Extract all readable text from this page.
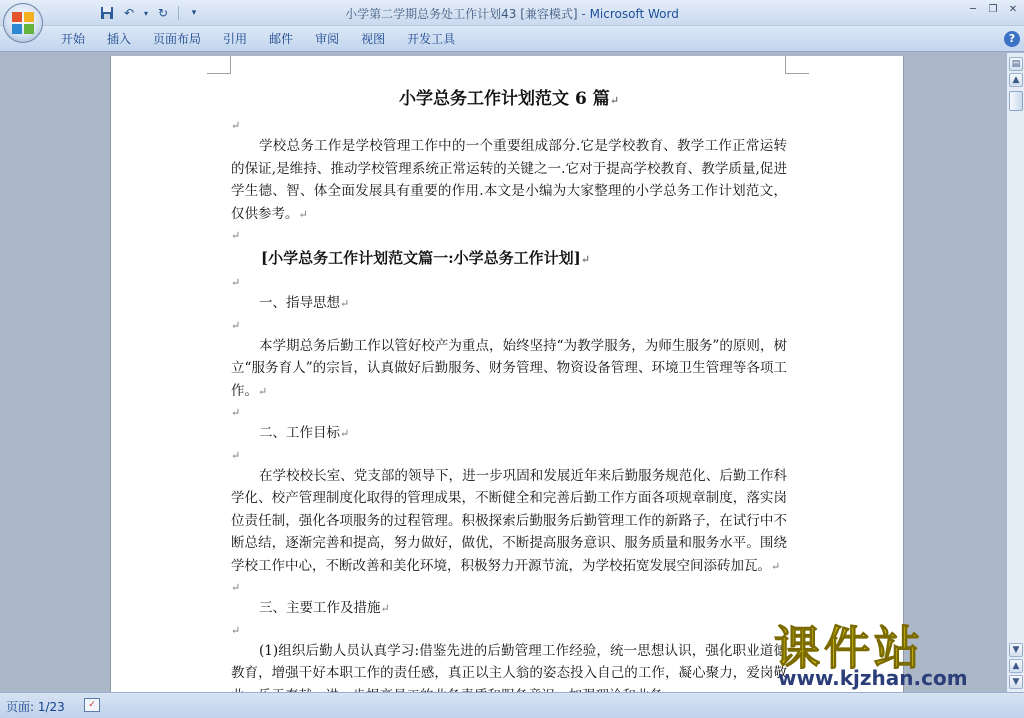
↶	▾ ↻	▾	小学第二学期总务处工作计划43 [兼容模式] - Microsoft Word	─	❐ ✕
开始	插入	页面布局	引用	邮件	审阅	视图	开发工具	?
小学总务工作计划范文 6 篇↵
↵
学校总务工作是学校管理工作中的一个重要组成部分.它是学校教育、教学工作正常运转的保证,是维持、推动学校管理系统正常运转的关键之一.它对于提高学校教育、教学质量,促进学生德、智、体全面发展具有重要的作用.本文是小编为大家整理的小学总务工作计划范文，仅供参考。↵
↵
[小学总务工作计划范文篇一:小学总务工作计划]↵
↵
一、指导思想↵
↵
本学期总务后勤工作以管好校产为重点，始终坚持“为教学服务，为师生服务”的原则，树立“服务育人”的宗旨，认真做好后勤服务、财务管理、物资设备管理、环境卫生管理等各项工作。↵
↵
二、工作目标↵
↵
在学校校长室、党支部的领导下，进一步巩固和发展近年来后勤服务规范化、后勤工作科学化、校产管理制度化取得的管理成果，不断健全和完善后勤工作方面各项规章制度，落实岗位责任制，强化各项服务的过程管理。积极探索后勤服务后勤管理工作的新路子，在试行中不断总结，逐渐完善和提高，努力做好，做优，不断提高服务意识、服务质量和服务水平。围绕学校工作中心，不断改善和美化环境，积极努力开源节流，为学校拓宽发展空间添砖加瓦。↵
↵
三、主要工作及措施↵
↵
(1)组织后勤人员认真学习:借鉴先进的后勤管理工作经验，统一思想认识，强化职业道德教育，增强干好本职工作的责任感，真正以主人翁的姿态投入自己的工作，凝心聚力，爱岗敬
▤
▲
▼
▲
▼
页面: 1/23	✓
课件站
www.kjzhan.com
